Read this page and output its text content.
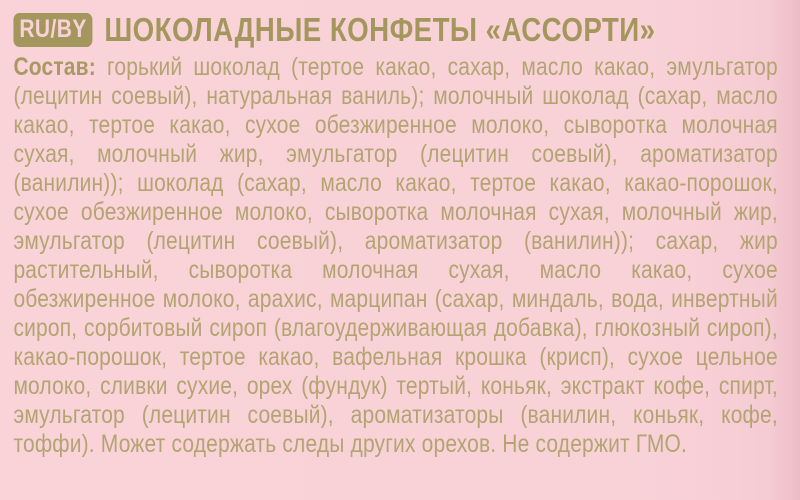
RU/BY ШОКОЛАДНЫЕ КОНФЕТЫ «АССОРТИ»

Состав: горький шоколад (тертое какао, сахар, масло какао, эмульгатор (лецитин соевый), натуральная ваниль); молочный шоколад (сахар, масло какао, тертое какао, сухое обезжиренное молоко, сыворотка молочная сухая, молочный жир, эмульгатор (лецитин соевый), ароматизатор (ванилин)); шоколад (сахар, масло какао, тертое какао, какао-порошок, сухое обезжиренное молоко, сыворотка молочная сухая, молочный жир, эмульгатор (лецитин соевый), ароматизатор (ванилин)); сахар, жир растительный, сыворотка молочная сухая, масло какао, сухое обезжиренное молоко, арахис, марципан (сахар, миндаль, вода, инвертный сироп, сорбитовый сироп (влагоудерживающая добавка), глюкозный сироп), какао-порошок, тертое какао, вафельная крошка (крисп), сухое цельное молоко, сливки сухие, орех (фундук) тертый, коньяк, экстракт кофе, спирт, эмульгатор (лецитин соевый), ароматизаторы (ванилин, коньяк, кофе, тоффи). Может содержать следы других орехов. Не содержит ГМО.
